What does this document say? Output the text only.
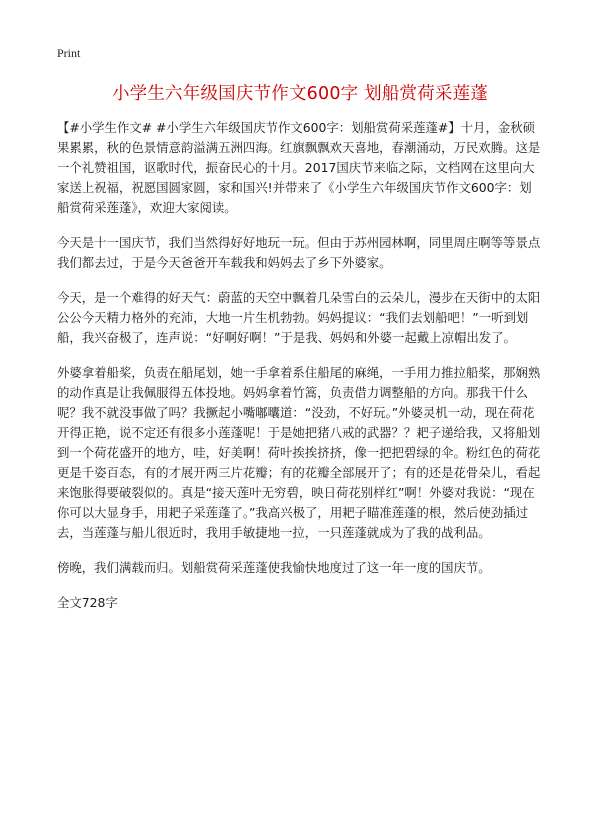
Print
小学生六年级国庆节作文600字 划船赏荷采莲蓬

【#小学生作文# #小学生六年级国庆节作文600字：划船赏荷采莲蓬#】十月，金秋硕果累累，秋的色景情意韵溢满五洲四海。红旗飘飘欢天喜地，春潮涌动，万民欢腾。这是一个礼赞祖国，讴歌时代，振奋民心的十月。2017国庆节来临之际，文档网在这里向大家送上祝福，祝愿国圆家圆，家和国兴!并带来了《小学生六年级国庆节作文600字：划船赏荷采莲蓬》，欢迎大家阅读。

今天是十一国庆节，我们当然得好好地玩一玩。但由于苏州园林啊，同里周庄啊等等景点我们都去过，于是今天爸爸开车载我和妈妈去了乡下外婆家。

今天，是一个难得的好天气：蔚蓝的天空中飘着几朵雪白的云朵儿，漫步在天街中的太阳公公今天精力格外的充沛，大地一片生机勃勃。妈妈提议：“我们去划船吧！”一听到划船，我兴奋极了，连声说：“好啊好啊！”于是我、妈妈和外婆一起戴上凉帽出发了。

外婆拿着船桨，负责在船尾划，她一手拿着系住船尾的麻绳，一手用力推拉船桨，那娴熟的动作真是让我佩服得五体投地。妈妈拿着竹篙，负责借力调整船的方向。那我干什么呢？我不就没事做了吗？我撅起小嘴嘟囔道：“没劲，不好玩。”外婆灵机一动，现在荷花开得正艳，说不定还有很多小莲蓬呢！于是她把猪八戒的武器？？耙子递给我，又将船划到一个荷花盛开的地方，哇，好美啊！荷叶挨挨挤挤，像一把把碧绿的伞。粉红色的荷花更是千姿百态，有的才展开两三片花瓣；有的花瓣全部展开了；有的还是花骨朵儿，看起来饱胀得要破裂似的。真是“接天莲叶无穷碧，映日荷花别样红”啊！外婆对我说：“现在你可以大显身手，用耙子采莲蓬了。”我高兴极了，用耙子瞄准莲蓬的根，然后使劲插过去，当莲蓬与船儿很近时，我用手敏捷地一拉，一只莲蓬就成为了我的战利品。

傍晚，我们满载而归。划船赏荷采莲蓬使我愉快地度过了这一年一度的国庆节。

全文728字
